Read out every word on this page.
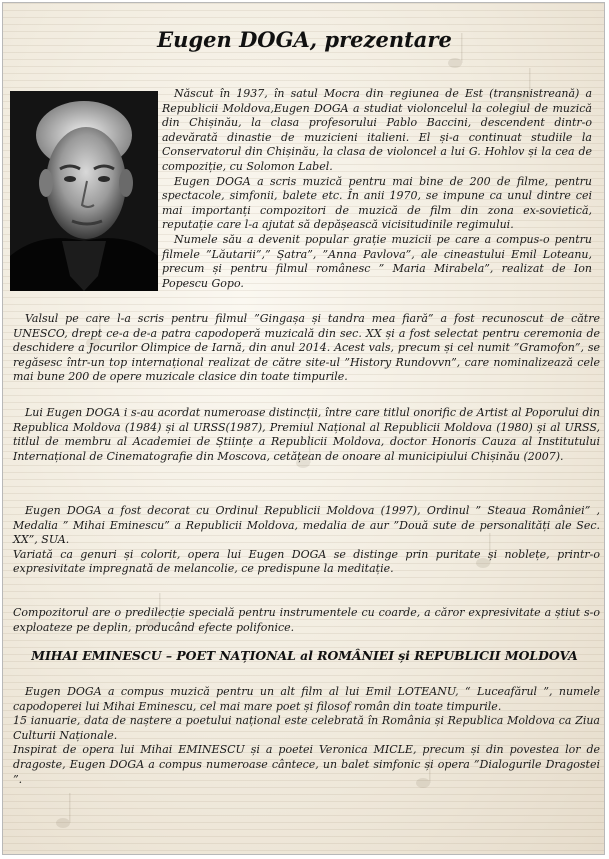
Eugen DOGA, prezentare

Născut în 1937, în satul Mocra din regiunea de Est (transnistreană) a Republicii Moldova,Eugen DOGA a studiat violoncelul la colegiul de muzică din Chișinău, la clasa profesorului Pablo Baccini, descendent dintr-o adevărată dinastie de muzicieni italieni. El și-a continuat studiile la Conservatorul din Chișinău, la clasa de violoncel a lui G. Hohlov și la cea de compoziție, cu Solomon Label.

Eugen DOGA a scris muzică pentru mai bine de 200 de filme, pentru spectacole, simfonii, balete etc. În anii 1970, se impune ca unul dintre cei mai importanți compozitori de muzică de film din zona ex-sovietică, reputație care l-a ajutat să depășească vicisitudinile regimului.

Numele său a devenit popular grație muzicii pe care a compus-o pentru filmele ”Lăutarii”,” Șatra”, ”Anna Pavlova”, ale cineastului Emil Loteanu, precum și pentru filmul românesc ” Maria Mirabela”, realizat de Ion Popescu Gopo.

Valsul pe care l-a scris pentru filmul ”Gingașa și tandra mea fiară” a fost recunoscut de către UNESCO, drept ce-a de-a patra capodoperă muzicală din sec. XX și a fost selectat pentru ceremonia de deschidere a Jocurilor Olimpice de Iarnă, din anul 2014. Acest vals, precum și cel numit ”Gramofon”, se regăsesc într-un top internațional realizat de către site-ul ”History Rundovvn”, care nominalizează cele mai bune 200 de opere muzicale clasice din toate timpurile.

Lui Eugen DOGA i s-au acordat numeroase distincții, între care titlul onorific de Artist al Poporului din Republica Moldova (1984) și al URSS(1987), Premiul Național al Republicii Moldova (1980) și al URSS, titlul de membru al Academiei de Științe a Republicii Moldova, doctor Honoris Cauza al Institutului Internațional de Cinematografie din Moscova, cetățean de onoare al municipiului Chișinău (2007).

Eugen DOGA a fost decorat cu Ordinul Republicii Moldova (1997), Ordinul ” Steaua României” , Medalia ” Mihai Eminescu” a Republicii Moldova, medalia de aur ”Două sute de personalități ale Sec. XX”, SUA.
Variată ca genuri și colorit, opera lui Eugen DOGA se distinge prin puritate și noblețe, printr-o expresivitate impregnată de melancolie, ce predispune la meditație.

Compozitorul are o predilecție specială pentru instrumentele cu coarde, a căror expresivitate a știut s-o exploateze pe deplin, producând efecte polifonice.

MIHAI EMINESCU – POET NAȚIONAL al ROMÂNIEI și REPUBLICII MOLDOVA
Eugen DOGA a compus muzică pentru un alt film al lui Emil LOTEANU, “ Luceafărul ”, numele capodoperei lui Mihai Eminescu, cel mai mare poet și filosof român din toate timpurile.
15 ianuarie, data de naștere a poetului național este celebrată în România și Republica Moldova ca Ziua Culturii Naționale.
Inspirat de opera lui Mihai EMINESCU și a poetei Veronica MICLE, precum și din povestea lor de dragoste, Eugen DOGA a compus numeroase cântece, un balet simfonic și opera ”Dialogurile Dragostei ”.
